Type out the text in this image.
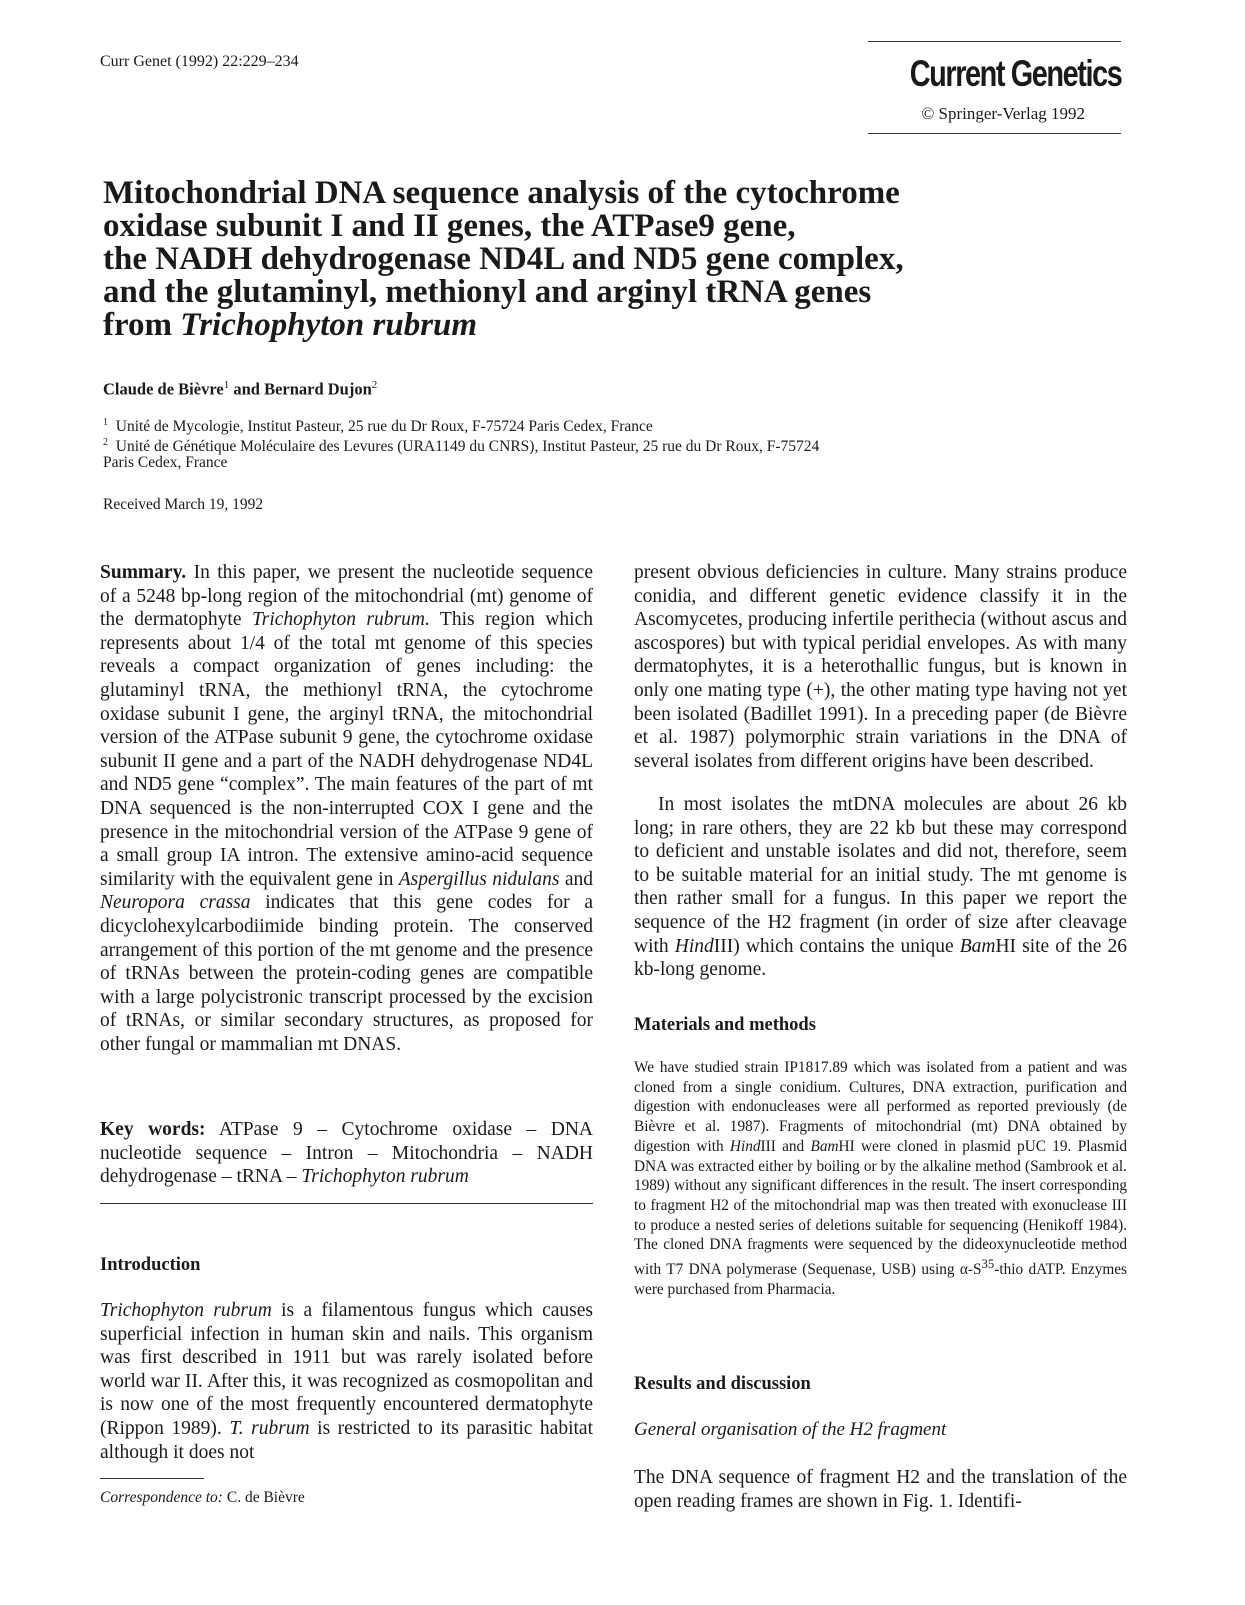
Curr Genet (1992) 22:229–234	Current Genetics
© Springer-Verlag 1992
Mitochondrial DNA sequence analysis of the cytochrome
oxidase subunit I and II genes, the ATPase9 gene,
the NADH dehydrogenase ND4L and ND5 gene complex,
and the glutaminyl, methionyl and arginyl tRNA genes
from Trichophyton rubrum
Claude de Bièvre$^1$ and Bernard Dujon$^2$
$^1$ Unité de Mycologie, Institut Pasteur, 25 rue du Dr Roux, F-75724 Paris Cedex, France
$^2$ Unité de Génétique Moléculaire des Levures (URA1149 du CNRS), Institut Pasteur, 25 rue du Dr Roux, F-75724
Paris Cedex, France
Received March 19, 1992

Summary. In this paper, we present the nucleotide sequence of a 5248 bp-long region of the mitochondrial (mt) genome of the dermatophyte Trichophyton rubrum. This region which represents about 1/4 of the total mt genome of this species reveals a compact organization of genes including: the glutaminyl tRNA, the methionyl tRNA, the cytochrome oxidase subunit I gene, the arginyl tRNA, the mitochondrial version of the ATPase subunit 9 gene, the cytochrome oxidase subunit II gene and a part of the NADH dehydrogenase ND4L and ND5 gene “complex”. The main features of the part of mt DNA sequenced is the non-interrupted COX I gene and the presence in the mitochondrial version of the ATPase 9 gene of a small group IA intron. The extensive amino-acid sequence similarity with the equivalent gene in Aspergillus nidulans and Neuropora crassa indicates that this gene codes for a dicyclohexylcarbodiimide binding protein. The conserved arrangement of this portion of the mt genome and the presence of tRNAs between the protein-coding genes are compatible with a large polycistronic transcript processed by the excision of tRNAs, or similar secondary structures, as proposed for other fungal or mammalian mt DNAS.

Key words: ATPase 9 – Cytochrome oxidase – DNA nucleotide sequence – Intron – Mitochondria – NADH dehydrogenase – tRNA – Trichophyton rubrum

Introduction

Trichophyton rubrum is a filamentous fungus which causes superficial infection in human skin and nails. This organism was first described in 1911 but was rarely isolated before world war II. After this, it was recognized as cosmopolitan and is now one of the most frequently encountered dermatophyte (Rippon 1989). T. rubrum is restricted to its parasitic habitat although it does not

Correspondence to: C. de Bièvre

present obvious deficiencies in culture. Many strains produce conidia, and different genetic evidence classify it in the Ascomycetes, producing infertile perithecia (without ascus and ascospores) but with typical peridial envelopes. As with many dermatophytes, it is a heterothallic fungus, but is known in only one mating type (+), the other mating type having not yet been isolated (Badillet 1991). In a preceding paper (de Bièvre et al. 1987) polymorphic strain variations in the DNA of several isolates from different origins have been described.

In most isolates the mtDNA molecules are about 26 kb long; in rare others, they are 22 kb but these may correspond to deficient and unstable isolates and did not, therefore, seem to be suitable material for an initial study. The mt genome is then rather small for a fungus. In this paper we report the sequence of the H2 fragment (in order of size after cleavage with HindIII) which contains the unique BamHI site of the 26 kb-long genome.

Materials and methods

We have studied strain IP1817.89 which was isolated from a patient and was cloned from a single conidium. Cultures, DNA extraction, purification and digestion with endonucleases were all performed as reported previously (de Bièvre et al. 1987). Fragments of mitochondrial (mt) DNA obtained by digestion with HindIII and BamHI were cloned in plasmid pUC 19. Plasmid DNA was extracted either by boiling or by the alkaline method (Sambrook et al. 1989) without any significant differences in the result. The insert corresponding to fragment H2 of the mitochondrial map was then treated with exonuclease III to produce a nested series of deletions suitable for sequencing (Henikoff 1984). The cloned DNA fragments were sequenced by the dideoxynucleotide method with T7 DNA polymerase (Sequenase, USB) using $\alpha-S^{35}$-thio dATP. Enzymes were purchased from Pharmacia.

Results and discussion
General organisation of the H2 fragment

The DNA sequence of fragment H2 and the translation of the open reading frames are shown in Fig. 1. Identifi-
